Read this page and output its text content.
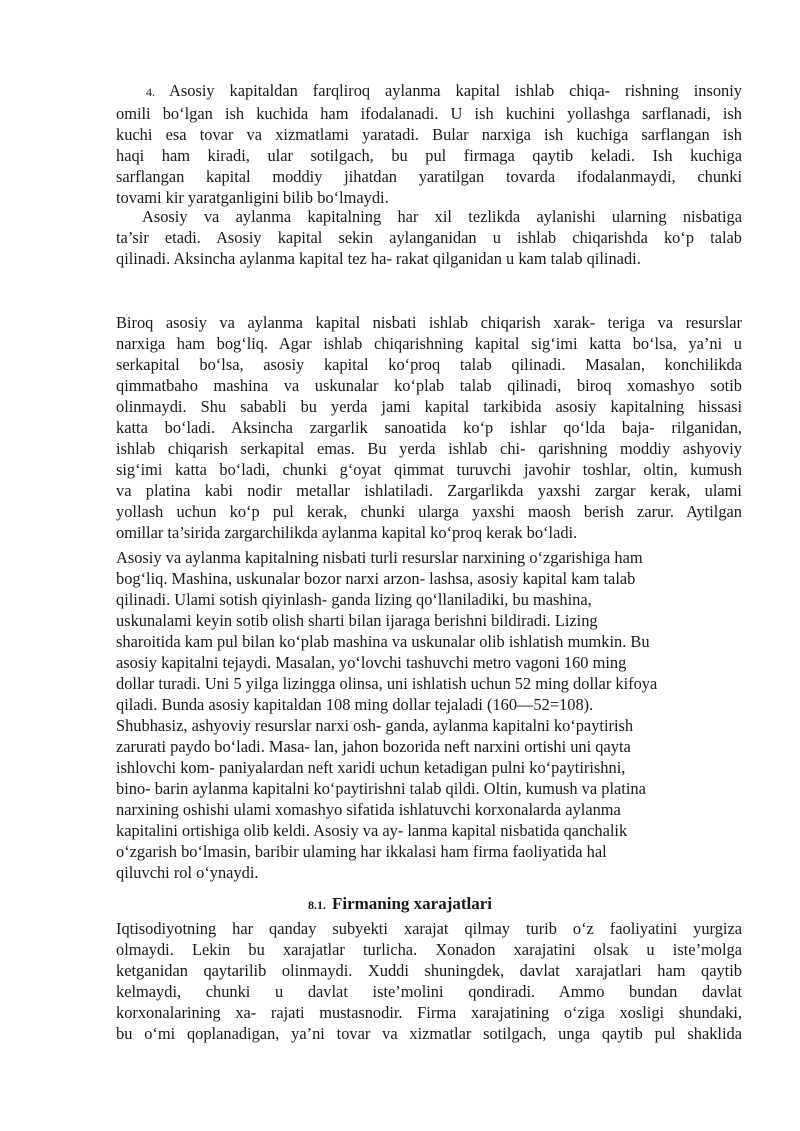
4. Asosiy kapitaldan farqliroq aylanma kapital ishlab chiqa- rishning insoniy
omili bo‘lgan ish kuchida ham ifodalanadi. U ish kuchini yollashga sarflanadi, ish
kuchi esa tovar va xizmatlami yaratadi. Bular narxiga ish kuchiga sarflangan ish
haqi ham kiradi, ular sotilgach, bu pul firmaga qaytib keladi. Ish kuchiga
sarflangan kapital moddiy jihatdan yaratilgan tovarda ifodalanmaydi, chunki
tovami kir yaratganligini bilib bo‘lmaydi.
Asosiy va aylanma kapitalning har xil tezlikda aylanishi ularning nisbatiga
ta’sir etadi. Asosiy kapital sekin aylanganidan u ishlab chiqarishda ko‘p talab
qilinadi. Aksincha aylanma kapital tez ha- rakat qilganidan u kam talab qilinadi.
Biroq asosiy va aylanma kapital nisbati ishlab chiqarish xarak- teriga va resurslar
narxiga ham bog‘liq. Agar ishlab chiqarishning kapital sig‘imi katta bo‘lsa, ya’ni u
serkapital bo‘lsa, asosiy kapital ko‘proq talab qilinadi. Masalan, konchilikda
qimmatbaho mashina va uskunalar ko‘plab talab qilinadi, biroq xomashyo sotib
olinmaydi. Shu sababli bu yerda jami kapital tarkibida asosiy kapitalning hissasi
katta bo‘ladi. Aksincha zargarlik sanoatida ko‘p ishlar qo‘lda baja- rilganidan,
ishlab chiqarish serkapital emas. Bu yerda ishlab chi- qarishning moddiy ashyoviy
sig‘imi katta bo‘ladi, chunki g‘oyat qimmat turuvchi javohir toshlar, oltin, kumush
va platina kabi nodir metallar ishlatiladi. Zargarlikda yaxshi zargar kerak, ulami
yollash uchun ko‘p pul kerak, chunki ularga yaxshi maosh berish zarur. Aytilgan
omillar ta’sirida zargarchilikda aylanma kapital ko‘proq kerak bo‘ladi.
Asosiy va aylanma kapitalning nisbati turli resurslar narxining o‘zgarishiga ham
bog‘liq. Mashina, uskunalar bozor narxi arzon- lashsa, asosiy kapital kam talab
qilinadi. Ulami sotish qiyinlash- ganda lizing qo‘llaniladiki, bu mashina,
uskunalami keyin sotib olish sharti bilan ijaraga berishni bildiradi. Lizing
sharoitida kam pul bilan ko‘plab mashina va uskunalar olib ishlatish mumkin. Bu
asosiy kapitalni tejaydi. Masalan, yo‘lovchi tashuvchi metro vagoni 160 ming
dollar turadi. Uni 5 yilga lizingga olinsa, uni ishlatish uchun 52 ming dollar kifoya
qiladi. Bunda asosiy kapitaldan 108 ming dollar tejaladi (160—52=108).
Shubhasiz, ashyoviy resurslar narxi osh- ganda, aylanma kapitalni ko‘paytirish
zarurati paydo bo‘ladi. Masa- lan, jahon bozorida neft narxini ortishi uni qayta
ishlovchi kom- paniyalardan neft xaridi uchun ketadigan pulni ko‘paytirishni,
bino- barin aylanma kapitalni ko‘paytirishni talab qildi. Oltin, kumush va platina
narxining oshishi ulami xomashyo sifatida ishlatuvchi korxonalarda aylanma
kapitalini ortishiga olib keldi. Asosiy va ay- lanma kapital nisbatida qanchalik
o‘zgarish bo‘lmasin, baribir ulaming har ikkalasi ham firma faoliyatida hal
qiluvchi rol o‘ynaydi.
8.1. Firmaning xarajatlari
Iqtisodiyotning har qanday subyekti xarajat qilmay turib o‘z faoliyatini yurgiza
olmaydi. Lekin bu xarajatlar turlicha. Xonadon xarajatini olsak u iste’molga
ketganidan qaytarilib olinmaydi. Xuddi shuningdek, davlat xarajatlari ham qaytib
kelmaydi, chunki u davlat iste’molini qondiradi. Ammo bundan davlat
korxonalarining xa- rajati mustasnodir. Firma xarajatining o‘ziga xosligi shundaki,
bu o‘mi qoplanadigan, ya’ni tovar va xizmatlar sotilgach, unga qaytib pul shaklida
